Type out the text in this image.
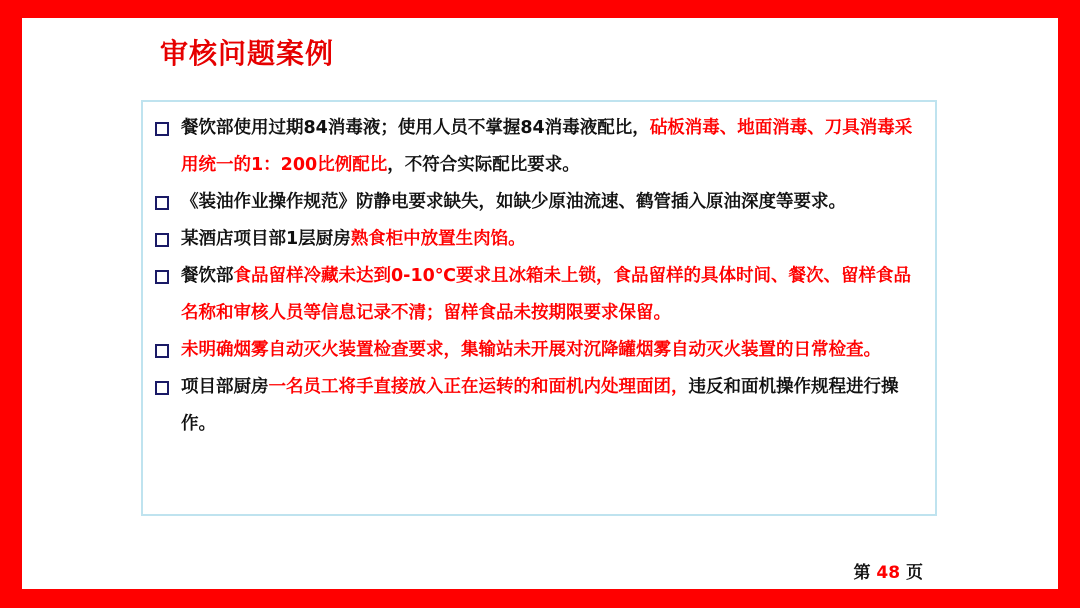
审核问题案例
餐饮部使用过期84消毒液；使用人员不掌握84消毒液配比，砧板消毒、地面消毒、刀具消毒采用统一的1：200比例配比，不符合实际配比要求。
《装油作业操作规范》防静电要求缺失，如缺少原油流速、鹤管插入原油深度等要求。
某酒店项目部1层厨房熟食柜中放置生肉馅。
餐饮部食品留样冷藏未达到0-10℃要求且冰箱未上锁，食品留样的具体时间、餐次、留样食品名称和审核人员等信息记录不清；留样食品未按期限要求保留。
未明确烟雾自动灭火装置检查要求，集输站未开展对沉降罐烟雾自动灭火装置的日常检查。
项目部厨房一名员工将手直接放入正在运转的和面机内处理面团，违反和面机操作规程进行操作。
第 48 页
